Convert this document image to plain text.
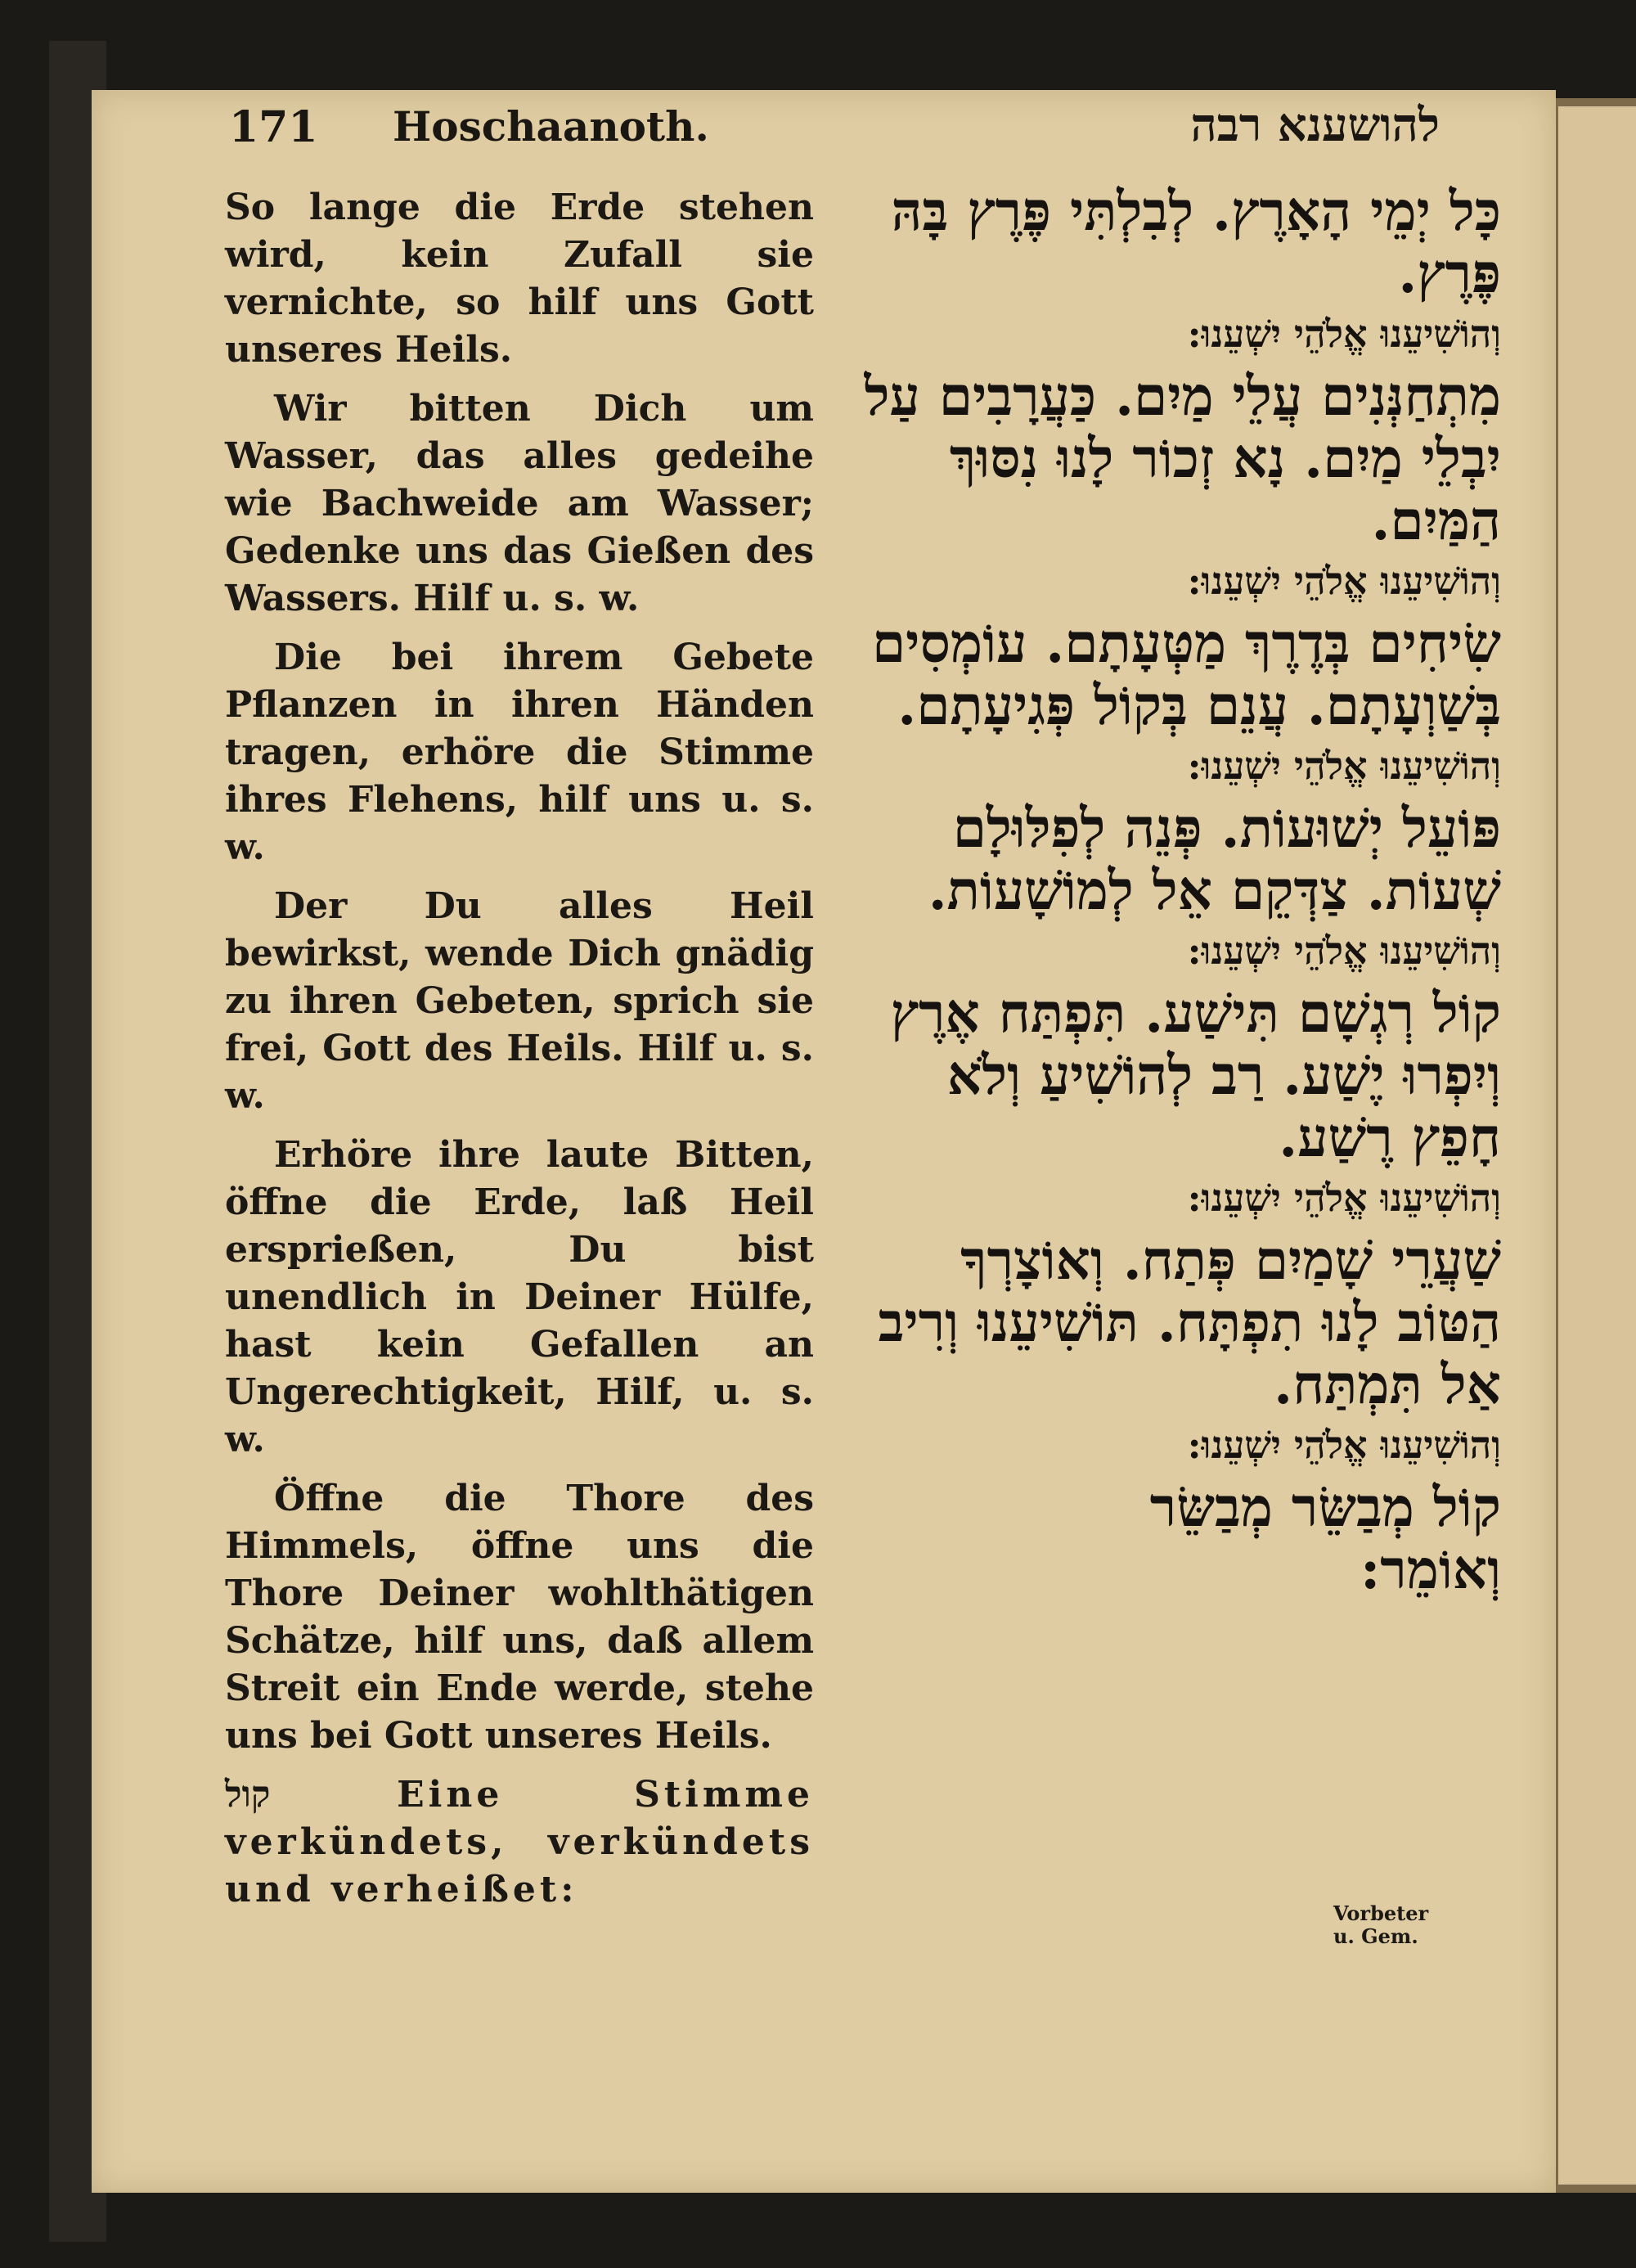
171 Hoschaanoth.	להושענא רבה

So lange die Erde stehen wird, kein Zufall sie vernichte, so hilf uns Gott unseres Heils.

Wir bitten Dich um Wasser, das alles gedeihe wie Bachweide am Wasser; Gedenke uns das Gießen des Wassers. Hilf u. s. w.

Die bei ihrem Gebete Pflanzen in ihren Händen tragen, erhöre die Stimme ihres Flehens, hilf uns u. s. w.

Der Du alles Heil bewirkst, wende Dich gnädig zu ihren Gebeten, sprich sie frei, Gott des Heils. Hilf u. s. w.

Erhöre ihre laute Bitten, öffne die Erde, laß Heil ersprießen, Du bist unendlich in Deiner Hülfe, hast kein Gefallen an Ungerechtigkeit, Hilf, u. s. w.

Öffne die Thore des Himmels, öffne uns die Thore Deiner wohlthätigen Schätze, hilf uns, daß allem Streit ein Ende werde, stehe uns bei Gott unseres Heils.

קול	Eine Stimme verkündets, verkündets und verheißet:

כָּל יְמֵי הָאָרֶץ. לְבִלְתִּי פֶּרֶץ בָּהּ פֶּרֶץ.

וְהוֹשִׁיעֵנוּ אֱלֹהֵי יִשְׁעֵנוּ:

מִתְחַנְּנִים עֲלֵי מַיִם. כַּעֲרָבִים עַל יִבְלֵי מַיִם. נָא זְכוֹר לָנוּ נִסּוּךְ הַמַּיִם.

וְהוֹשִׁיעֵנוּ אֱלֹהֵי יִשְׁעֵנוּ:

שִׂיחִים בְּדֶרֶךְ מַטְּעָתָם. עוֹמְסִים בְּשַׁוְעָתָם. עֲנֵם בְּקוֹל פְּגִיעָתָם.

וְהוֹשִׁיעֵנוּ אֱלֹהֵי יִשְׁעֵנוּ:

פּוֹעֵל יְשׁוּעוֹת. פְּנֵה לְפִלּוּלָם שְׁעוֹת. צַדְּקֵם אֵל לְמוֹשָׁעוֹת.

וְהוֹשִׁיעֵנוּ אֱלֹהֵי יִשְׁעֵנוּ:

קוֹל רְגְשָׁם תִּישַׁע. תִּפְתַּח אֶרֶץ וְיִפְרוּ יֶשַׁע. רַב לְהוֹשִׁיעַ וְלֹא חָפֵץ רֶשַׁע.

וְהוֹשִׁיעֵנוּ אֱלֹהֵי יִשְׁעֵנוּ:

שַׁעֲרֵי שָׁמַיִם פְּתַח. וְאוֹצָרְךָ הַטּוֹב לָנוּ תִפְתָּח. תּוֹשִׁיעֵנוּ וְרִיב אַל תִּמְתַּח.

וְהוֹשִׁיעֵנוּ אֱלֹהֵי יִשְׁעֵנוּ:

קוֹל מְבַשֵּׂר מְבַשֵּׂר וְאוֹמֵר:

Vorbeter u. Gem.
